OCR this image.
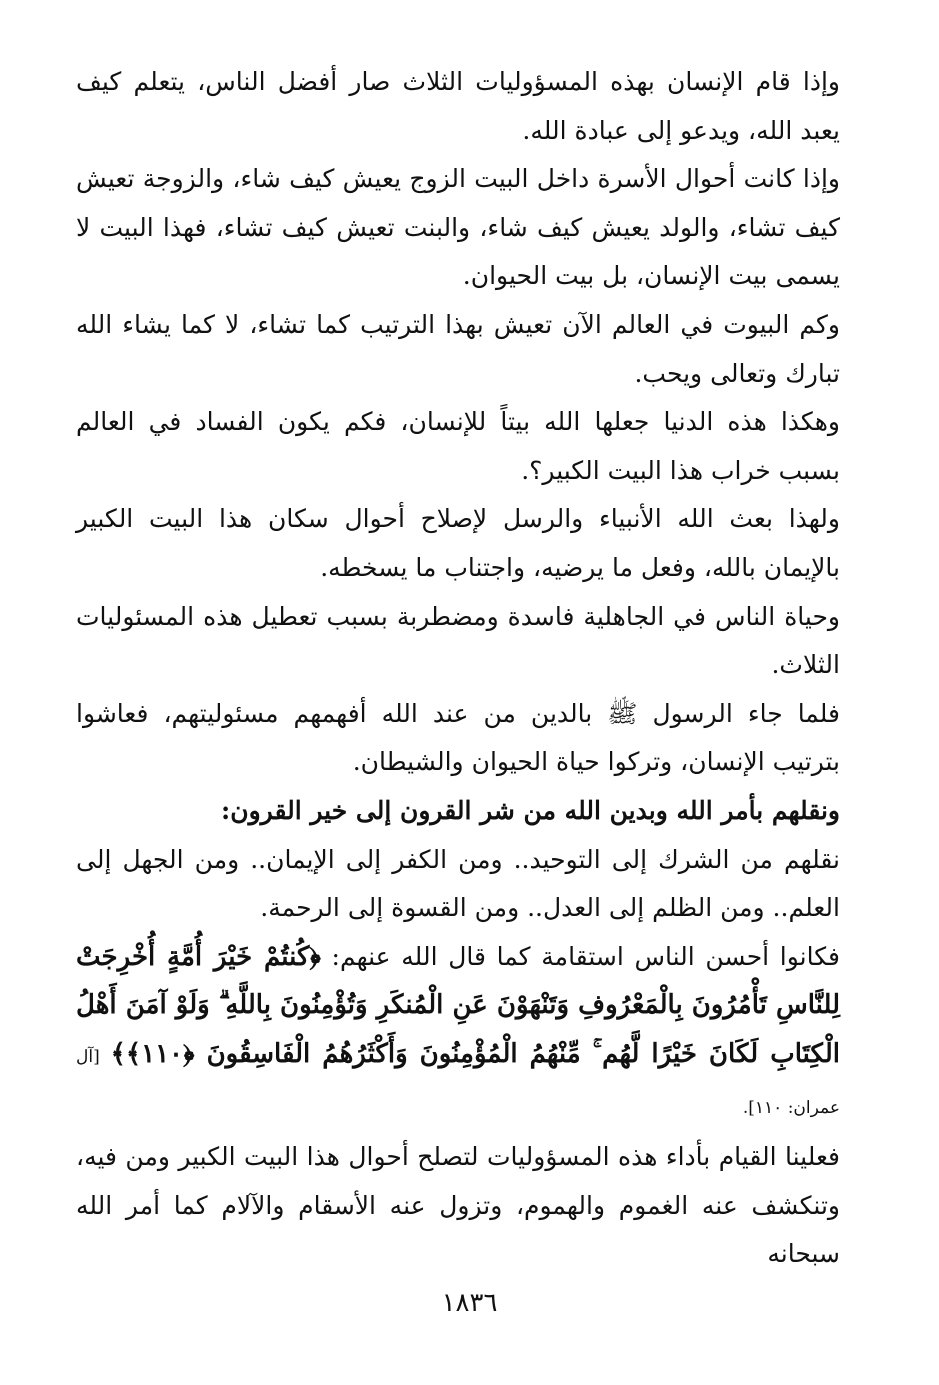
وإذا قام الإنسان بهذه المسؤوليات الثلاث صار أفضل الناس، يتعلم كيف يعبد الله، ويدعو إلى عبادة الله.

وإذا كانت أحوال الأسرة داخل البيت الزوج يعيش كيف شاء، والزوجة تعيش كيف تشاء، والولد يعيش كيف شاء، والبنت تعيش كيف تشاء، فهذا البيت لا يسمى بيت الإنسان، بل بيت الحيوان.

وكم البيوت في العالم الآن تعيش بهذا الترتيب كما تشاء، لا كما يشاء الله تبارك وتعالى ويحب.

وهكذا هذه الدنيا جعلها الله بيتاً للإنسان، فكم يكون الفساد في العالم بسبب خراب هذا البيت الكبير؟.

ولهذا بعث الله الأنبياء والرسل لإصلاح أحوال سكان هذا البيت الكبير بالإيمان بالله، وفعل ما يرضيه، واجتناب ما يسخطه.

وحياة الناس في الجاهلية فاسدة ومضطربة بسبب تعطيل هذه المسئوليات الثلاث.

فلما جاء الرسول ﷺ بالدين من عند الله أفهمهم مسئوليتهم، فعاشوا بترتيب الإنسان، وتركوا حياة الحيوان والشيطان.

ونقلهم بأمر الله وبدين الله من شر القرون إلى خير القرون:

نقلهم من الشرك إلى التوحيد.. ومن الكفر إلى الإيمان.. ومن الجهل إلى العلم.. ومن الظلم إلى العدل.. ومن القسوة إلى الرحمة.

فكانوا أحسن الناس استقامة كما قال الله عنهم: ﴿كُنتُمْ خَيْرَ أُمَّةٍ أُخْرِجَتْ لِلنَّاسِ تَأْمُرُونَ بِالْمَعْرُوفِ وَتَنْهَوْنَ عَنِ الْمُنكَرِ وَتُؤْمِنُونَ بِاللَّهِ ۗ وَلَوْ آمَنَ أَهْلُ الْكِتَابِ لَكَانَ خَيْرًا لَّهُم ۚ مِّنْهُمُ الْمُؤْمِنُونَ وَأَكْثَرُهُمُ الْفَاسِقُونَ ﴿١١٠﴾﴾ [آل عمران: ١١٠].

فعلينا القيام بأداء هذه المسؤوليات لتصلح أحوال هذا البيت الكبير ومن فيه، وتنكشف عنه الغموم والهموم، وتزول عنه الأسقام والآلام كما أمر الله سبحانه

١٨٣٦
